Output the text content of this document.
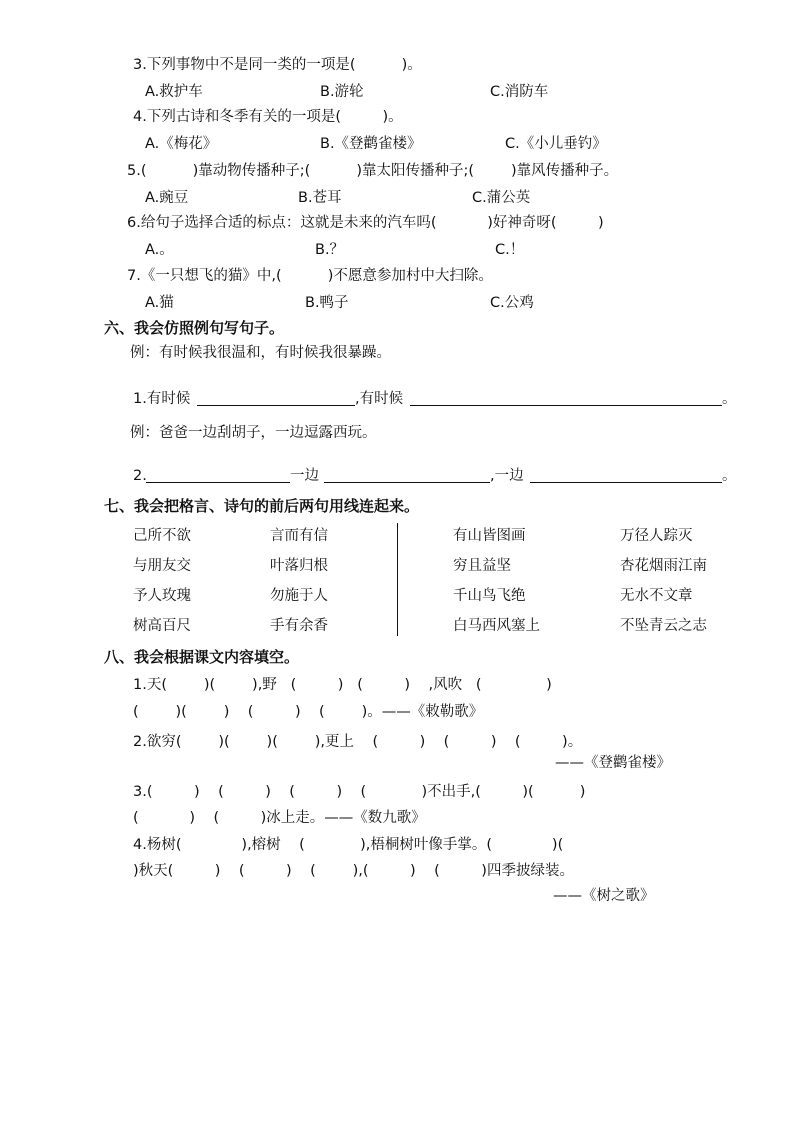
3.下列事物中不是同一类的一项是(          )。
A.救护车	B.游轮	C.消防车
4.下列古诗和冬季有关的一项是(         )。
A.《梅花》	B.《登鹳雀楼》	C.《小儿垂钓》
5.(          )靠动物传播种子;(          )靠太阳传播种子;(        )靠风传播种子。
A.豌豆	B.苍耳	C.蒲公英
6.给句子选择合适的标点：这就是未来的汽车吗(           )好神奇呀(         )
A.。	B.？	C.！
7.《一只想飞的猫》中,(          )不愿意参加村中大扫除。
A.猫	B.鸭子	C.公鸡
六、我会仿照例句写句子。
例：有时候我很温和，有时候我很暴躁。
1.有时候	,有时候	。
例：爸爸一边刮胡子，一边逗露西玩。
2.	一边	,一边	。
七、我会把格言、诗句的前后两句用线连起来。
己所不欲	言而有信	有山皆图画	万径人踪灭
与朋友交	叶落归根	穷且益坚	杏花烟雨江南
予人玫瑰	勿施于人	千山鸟飞绝	无水不文章
树高百尺	手有余香	白马西风塞上	不坠青云之志
八、我会根据课文内容填空。
1.天(        )(        ),野   (         )   (         )    ,风吹   (              )
(        )(        )    (         )    (        )。——《敕勒歌》
2.欲穷(        )(        )(        ),更上    (         )    (         )    (         )。
——《登鹳雀楼》
3.(         )    (         )    (         )    (            )不出手,(         )(          )
(           )    (         )冰上走。——《数九歌》
4.杨树(             ),榕树    (            ),梧桐树叶像手掌。(             )(
)秋天(         )    (         )    (        ),(         )    (         )四季披绿装。
——《树之歌》
